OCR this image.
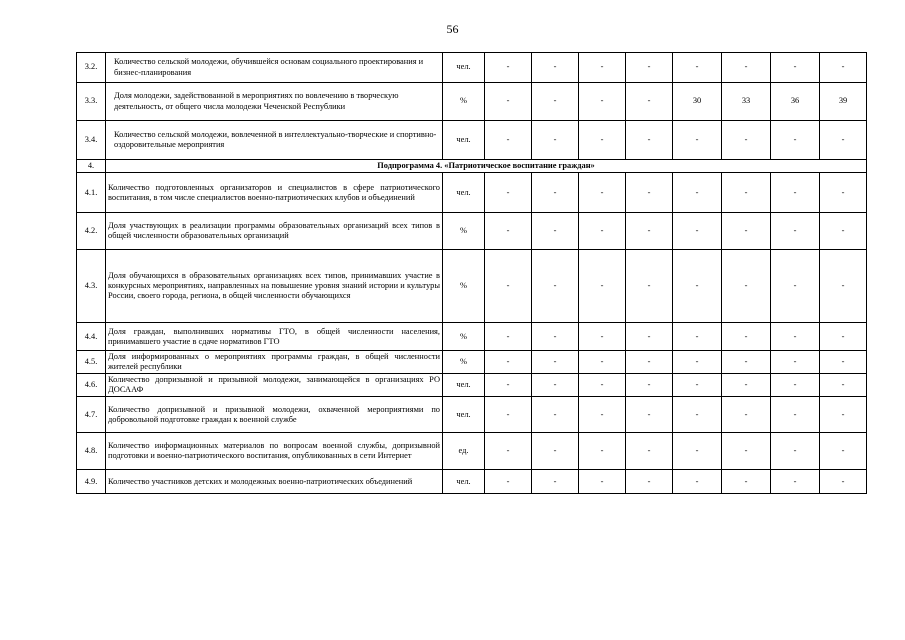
56
3.2.	Количество сельской молодежи, обучившейся основам социального проектирования и бизнес-планирования	чел.	-	-	-	-	-	-	-	-
3.3.	Доля молодежи, задействованной в мероприятиях по вовлечению в творческую деятельность, от общего числа молодежи Чеченской Республики	%	-	-	-	-	30	33	36	39
3.4.	Количество сельской молодежи, вовлеченной в интеллектуально-творческие и спортивно-оздоровительные мероприятия	чел.	-	-	-	-	-	-	-	-
4.	Подпрограмма 4. «Патриотическое воспитание граждан»									
4.1.	Количество подготовленных организаторов и специалистов в сфере патриотического воспитания, в том числе специалистов военно-патриотических клубов и объединений	чел.	-	-	-	-	-	-	-	-
4.2.	Доля участвующих в реализации программы образовательных организаций всех типов в общей численности образовательных организаций	%	-	-	-	-	-	-	-	-
4.3.	Доля обучающихся в образовательных организациях всех типов, принимавших участие в конкурсных мероприятиях, направленных на повышение уровня знаний истории и культуры России, своего города, региона, в общей численности обучающихся	%	-	-	-	-	-	-	-	-
4.4.	Доля граждан, выполнивших нормативы ГТО, в общей численности населения, принимавшего участие в сдаче нормативов ГТО	%	-	-	-	-	-	-	-	-
4.5.	Доля информированных о мероприятиях программы граждан, в общей численности жителей республики	%	-	-	-	-	-	-	-	-
4.6.	Количество допризывной и призывной молодежи, занимающейся в организациях РО ДОСААФ	чел.	-	-	-	-	-	-	-	-
4.7.	Количество допризывной и призывной молодежи, охваченной мероприятиями по добровольной подготовке граждан к военной службе	чел.	-	-	-	-	-	-	-	-
4.8.	Количество информационных материалов по вопросам военной службы, допризывной подготовки и военно-патриотического воспитания, опубликованных в сети Интернет	ед.	-	-	-	-	-	-	-	-
4.9.	Количество участников детских и молодежных военно-патриотических объединений	чел.	-	-	-	-	-	-	-	-
